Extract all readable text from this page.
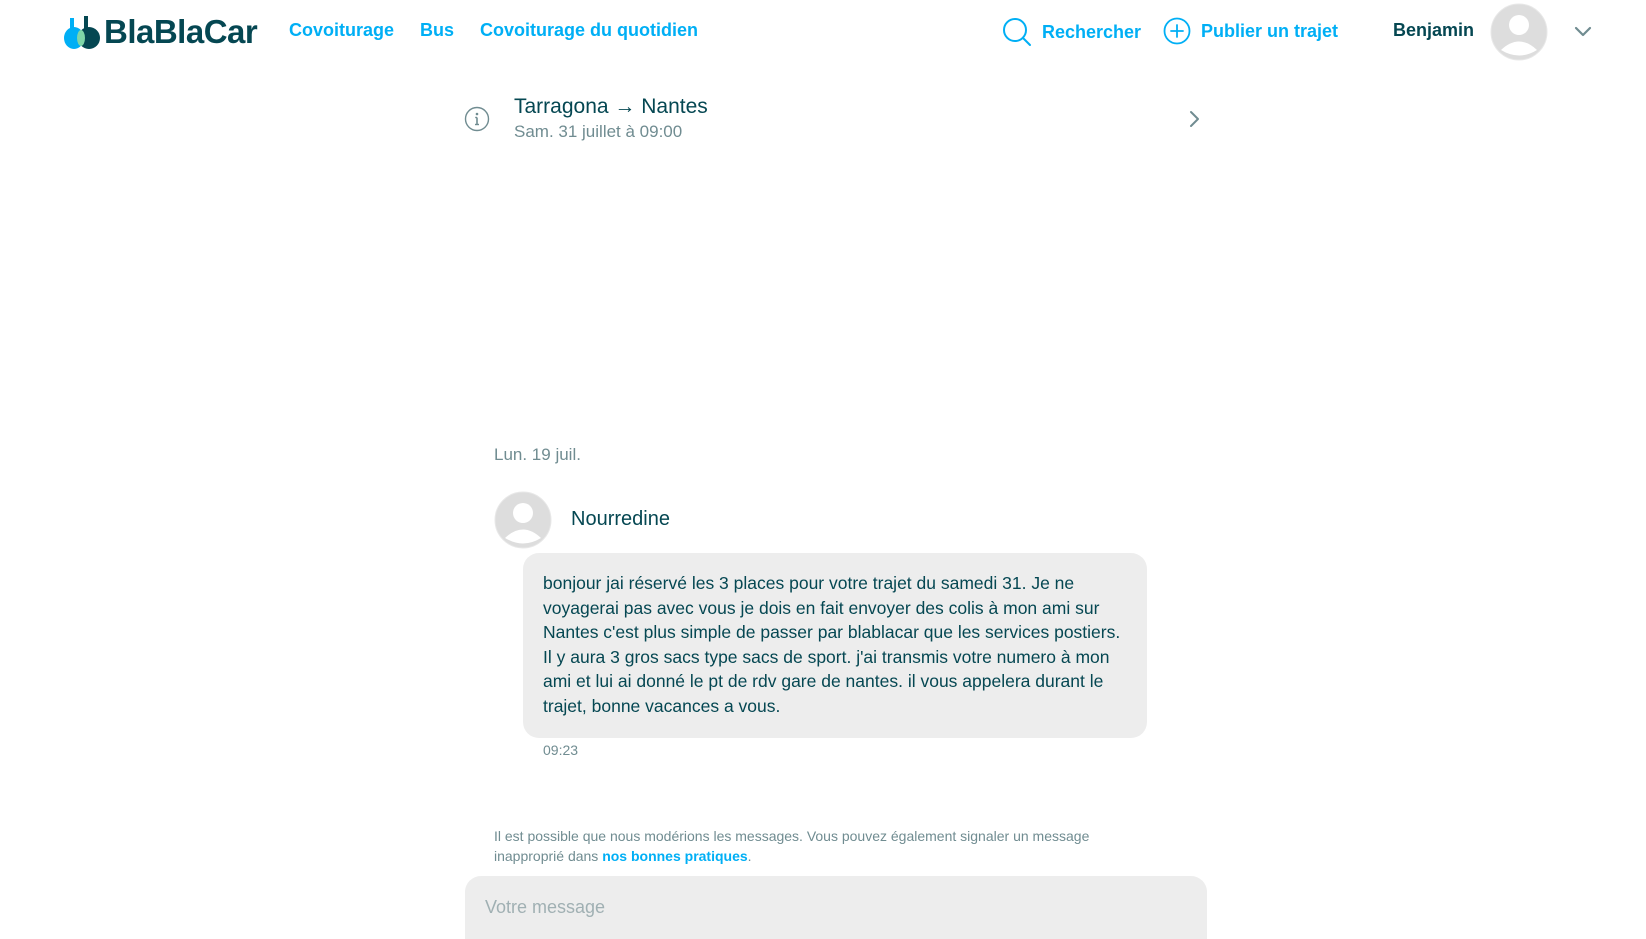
BlaBlaCar Covoiturage Bus Covoiturage du quotidien	Rechercher	Publier un trajet	Benjamin
Tarragona → Nantes
Sam. 31 juillet à 09:00
Lun. 19 juil.
Nourredine
bonjour jai réservé les 3 places pour votre trajet du samedi 31. Je ne voyagerai pas avec vous je dois en fait envoyer des colis à mon ami sur Nantes c'est plus simple de passer par blablacar que les services postiers. Il y aura 3 gros sacs type sacs de sport. j'ai transmis votre numero à mon ami et lui ai donné le pt de rdv gare de nantes. il vous appelera durant le trajet, bonne vacances a vous.
09:23

Il est possible que nous modérions les messages. Vous pouvez également signaler un message inapproprié dans nos bonnes pratiques.

Votre message
